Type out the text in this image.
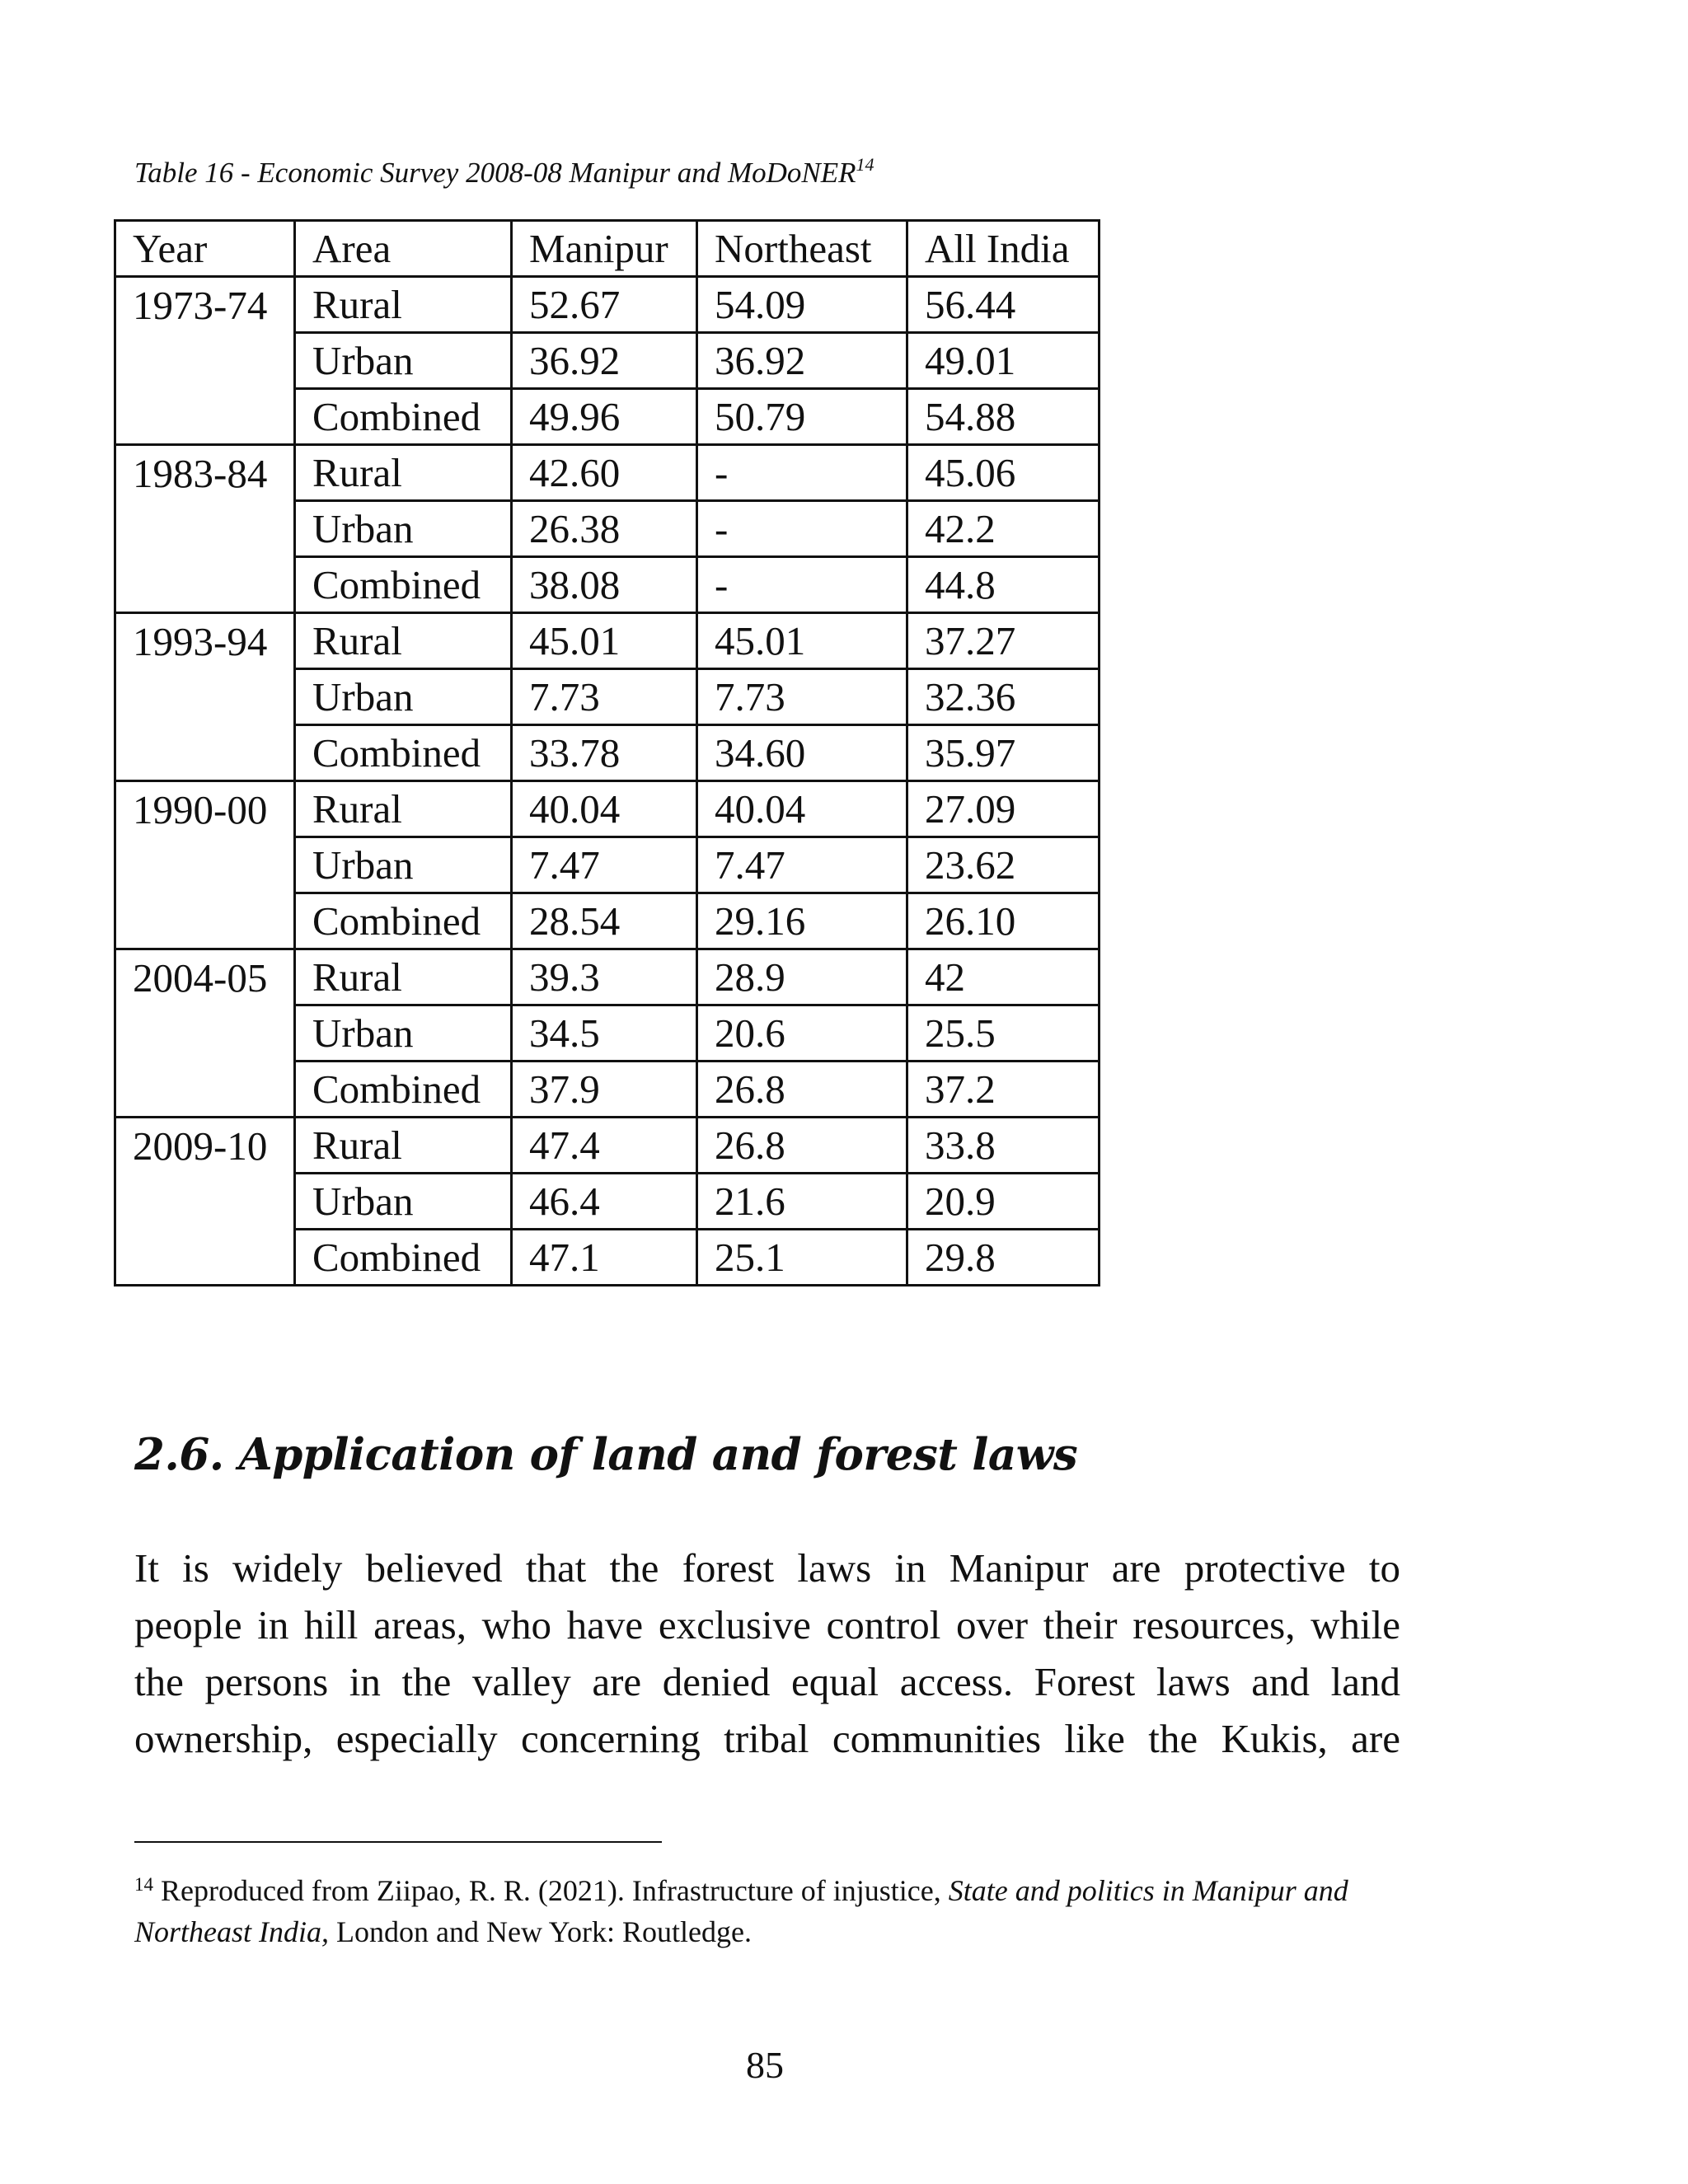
Table 16 - Economic Survey 2008-08 Manipur and MoDoNER$^{14}$
Year	Area	Manipur	Northeast	All India
1973-74	Rural	52.67	54.09	56.44
	Urban	36.92	36.92	49.01
	Combined	49.96	50.79	54.88
1983-84	Rural	42.60	-	45.06
	Urban	26.38	-	42.2
	Combined	38.08	-	44.8
1993-94	Rural	45.01	45.01	37.27
	Urban	7.73	7.73	32.36
	Combined	33.78	34.60	35.97
1990-00	Rural	40.04	40.04	27.09
	Urban	7.47	7.47	23.62
	Combined	28.54	29.16	26.10
2004-05	Rural	39.3	28.9	42
	Urban	34.5	20.6	25.5
	Combined	37.9	26.8	37.2
2009-10	Rural	47.4	26.8	33.8
	Urban	46.4	21.6	20.9
	Combined	47.1	25.1	29.8
2.6. Application of land and forest laws
It is widely believed that the forest laws in Manipur are protective to
people in hill areas, who have exclusive control over their resources, while
the persons in the valley are denied equal access. Forest laws and land
ownership, especially concerning tribal communities like the Kukis, are
$^{14}$ Reproduced from Ziipao, R. R. (2021). Infrastructure of injustice, State and politics in Manipur and Northeast India, London and New York: Routledge.
85
